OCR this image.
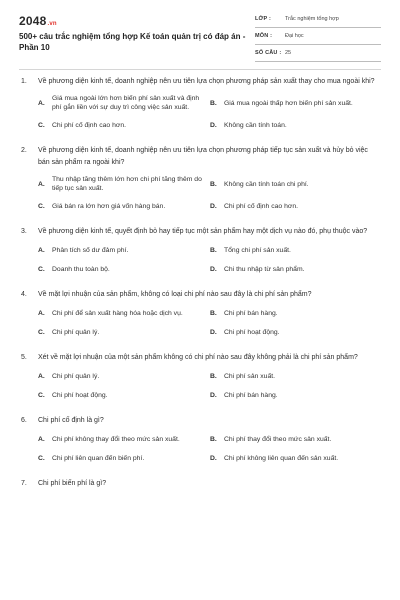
2048.vn
500+ câu trắc nghiệm tổng hợp Kế toán quản trị có đáp án - Phần 10
LỚP :	Trắc nghiệm tổng hợp
MÔN : Đại học
SỐ CÂU : 25
1. Về phương diện kinh tế, doanh nghiệp nên ưu tiên lựa chọn phương pháp sản xuất thay cho mua ngoài khi?
A.
Giá mua ngoài lớn hơn biến phí sản xuất và định phí gắn liền với sự duy trì công việc sản xuất.
B. Giá mua ngoài thấp hơn biến phí sản xuất.
C. Chi phí cố định cao hơn.	D. Không cần tính toán.
2. Về phương diện kinh tế, doanh nghiệp nên ưu tiên lựa chọn phương pháp tiếp tục sản xuất và hủy bỏ việc bán sản phẩm ra ngoài khi?
A.
Thu nhập tăng thêm lớn hơn chi phí tăng thêm do tiếp tục sản xuất.
B. Không cần tính toán chi phí.
C. Giá bán ra lớn hơn giá vốn hàng bán.	D. Chi phí cố định cao hơn.
3. Về phương diện kinh tế, quyết định bỏ hay tiếp tục một sản phẩm hay một dịch vụ nào đó, phụ thuộc vào?
A. Phân tích số dư đảm phí.	B. Tổng chi phí sản xuất.
C. Doanh thu toàn bộ.	D. Chi thu nhập từ sản phẩm.
4. Về mặt lợi nhuận của sản phẩm, không có loại chi phí nào sau đây là chi phí sản phẩm?
A. Chi phí để sản xuất hàng hóa hoặc dịch vụ.	B. Chi phí bán hàng.
C. Chi phí quản lý.	D. Chi phí hoạt động.
5. Xét về mặt lợi nhuận của một sản phẩm không có chi phí nào sau đây không phải là chi phí sản phẩm?
A. Chi phí quản lý.	B. Chi phí sản xuất.
C. Chi phí hoạt động.	D. Chi phí bán hàng.
6. Chi phí cố định là gì?
A. Chi phí không thay đổi theo mức sản xuất.	B. Chi phí thay đổi theo mức sản xuất.
C. Chi phí liên quan đến biến phí.	D. Chi phí không liên quan đến sản xuất.
7. Chi phí biến phí là gì?
